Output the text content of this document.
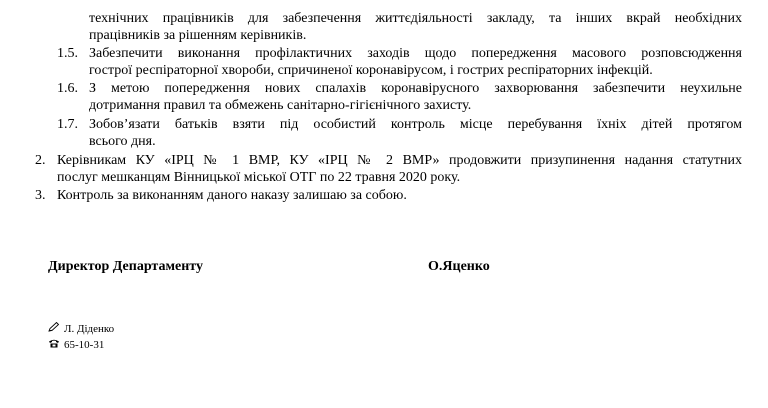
технічних працівників для забезпечення життєдіяльності закладу, та інших вкрай необхідних
працівників за рішенням керівників.
1.5. Забезпечити виконання профілактичних заходів щодо попередження масового розповсюдження
гострої респіраторної хвороби, спричиненої коронавірусом, і гострих респіраторних інфекцій.
1.6. З метою попередження нових спалахів коронавірусного захворювання забезпечити неухильне
дотримання правил та обмежень санітарно-гігієнічного захисту.
1.7. Зобов’язати батьків взяти під особистий контроль місце перебування їхніх дітей протягом
всього дня.
2. Керівникам КУ «ІРЦ № 1 ВМР, КУ «ІРЦ № 2 ВМР» продовжити призупинення надання статутних
послуг мешканцям Вінницької міської ОТГ по 22 травня 2020 року.
3. Контроль за виконанням даного наказу залишаю за собою.
Директор Департаменту	О.Яценко
Л. Діденко
65-10-31
